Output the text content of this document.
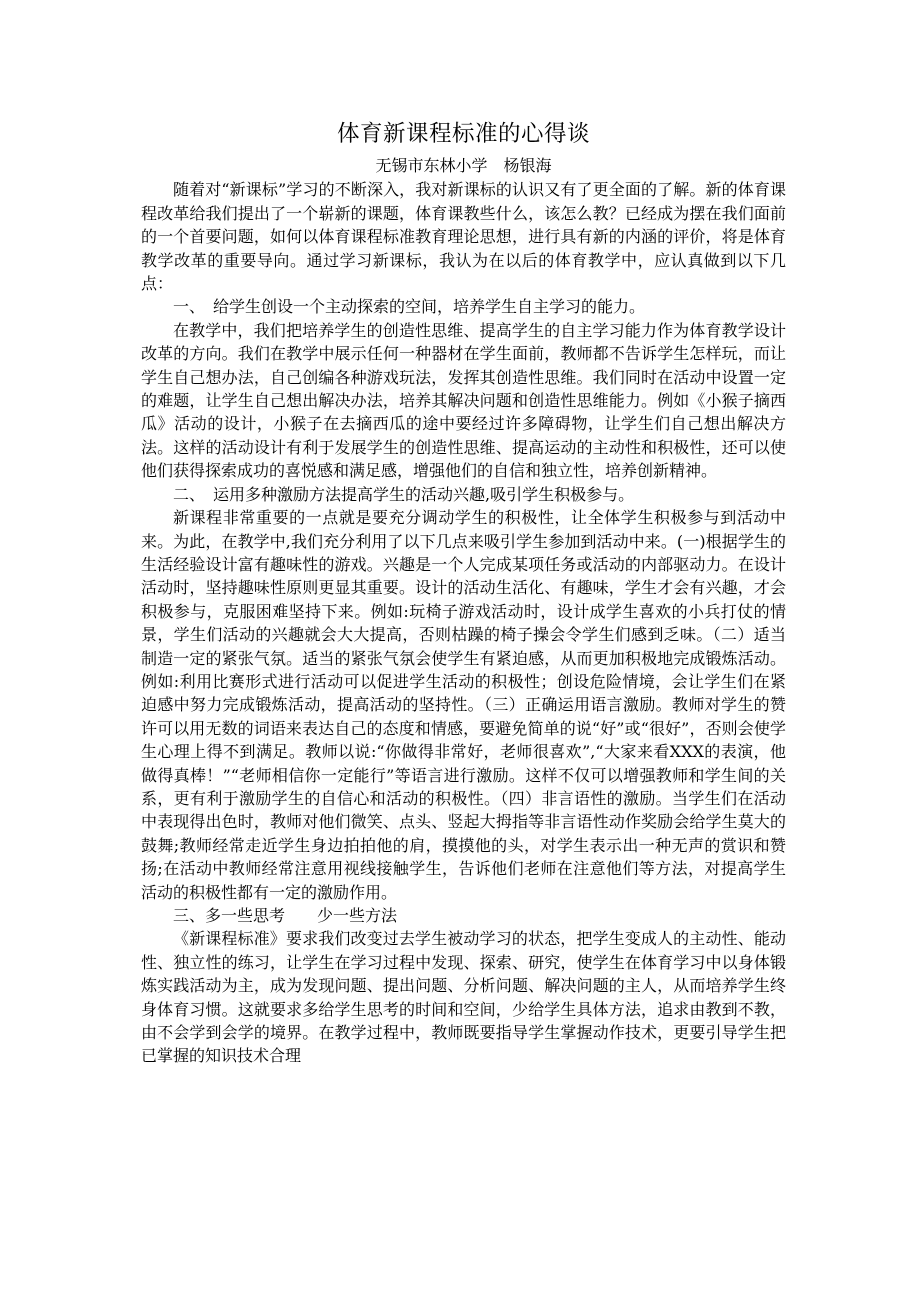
体育新课程标准的心得谈
无锡市东林小学　杨银海

随着对“新课标”学习的不断深入，我对新课标的认识又有了更全面的了解。新的体育课程改革给我们提出了一个崭新的课题，体育课教些什么，该怎么教？已经成为摆在我们面前的一个首要问题，如何以体育课程标准教育理论思想，进行具有新的内涵的评价，将是体育教学改革的重要导向。通过学习新课标，我认为在以后的体育教学中，应认真做到以下几点：

一、　给学生创设一个主动探索的空间，培养学生自主学习的能力。

在教学中，我们把培养学生的创造性思维、提高学生的自主学习能力作为体育教学设计改革的方向。我们在教学中展示任何一种器材在学生面前，教师都不告诉学生怎样玩，而让学生自己想办法，自己创编各种游戏玩法，发挥其创造性思维。我们同时在活动中设置一定的难题，让学生自己想出解决办法，培养其解决问题和创造性思维能力。例如《小猴子摘西瓜》活动的设计，小猴子在去摘西瓜的途中要经过许多障碍物，让学生们自己想出解决方法。这样的活动设计有利于发展学生的创造性思维、提高运动的主动性和积极性，还可以使他们获得探索成功的喜悦感和满足感，增强他们的自信和独立性，培养创新精神。

二、　运用多种激励方法提高学生的活动兴趣,吸引学生积极参与。

新课程非常重要的一点就是要充分调动学生的积极性，让全体学生积极参与到活动中来。为此，在教学中,我们充分利用了以下几点来吸引学生参加到活动中来。(一)根据学生的生活经验设计富有趣味性的游戏。兴趣是一个人完成某项任务或活动的内部驱动力。在设计活动时，坚持趣味性原则更显其重要。设计的活动生活化、有趣味，学生才会有兴趣，才会积极参与，克服困难坚持下来。例如:玩椅子游戏活动时，设计成学生喜欢的小兵打仗的情景，学生们活动的兴趣就会大大提高，否则枯躁的椅子操会令学生们感到乏味。（二）适当制造一定的紧张气氛。适当的紧张气氛会使学生有紧迫感，从而更加积极地完成锻炼活动。例如:利用比赛形式进行活动可以促进学生活动的积极性；创设危险情境，会让学生们在紧迫感中努力完成锻炼活动，提高活动的坚持性。（三）正确运用语言激励。教师对学生的赞许可以用无数的词语来表达自己的态度和情感，要避免简单的说“好”或“很好”，否则会使学生心理上得不到满足。教师以说:“你做得非常好，老师很喜欢”,“大家来看XXX的表演，他做得真棒！”“老师相信你一定能行”等语言进行激励。这样不仅可以增强教师和学生间的关系，更有利于激励学生的自信心和活动的积极性。（四）非言语性的激励。当学生们在活动中表现得出色时，教师对他们微笑、点头、竖起大拇指等非言语性动作奖励会给学生莫大的鼓舞;教师经常走近学生身边拍拍他的肩，摸摸他的头，对学生表示出一种无声的赏识和赞扬;在活动中教师经常注意用视线接触学生，告诉他们老师在注意他们等方法，对提高学生活动的积极性都有一定的激励作用。

三、多一些思考　　少一些方法

《新课程标准》要求我们改变过去学生被动学习的状态，把学生变成人的主动性、能动性、独立性的练习，让学生在学习过程中发现、探索、研究，使学生在体育学习中以身体锻炼实践活动为主，成为发现问题、提出问题、分析问题、解决问题的主人，从而培养学生终身体育习惯。这就要求多给学生思考的时间和空间，少给学生具体方法，追求由教到不教，由不会学到会学的境界。在教学过程中，教师既要指导学生掌握动作技术，更要引导学生把已掌握的知识技术合理
